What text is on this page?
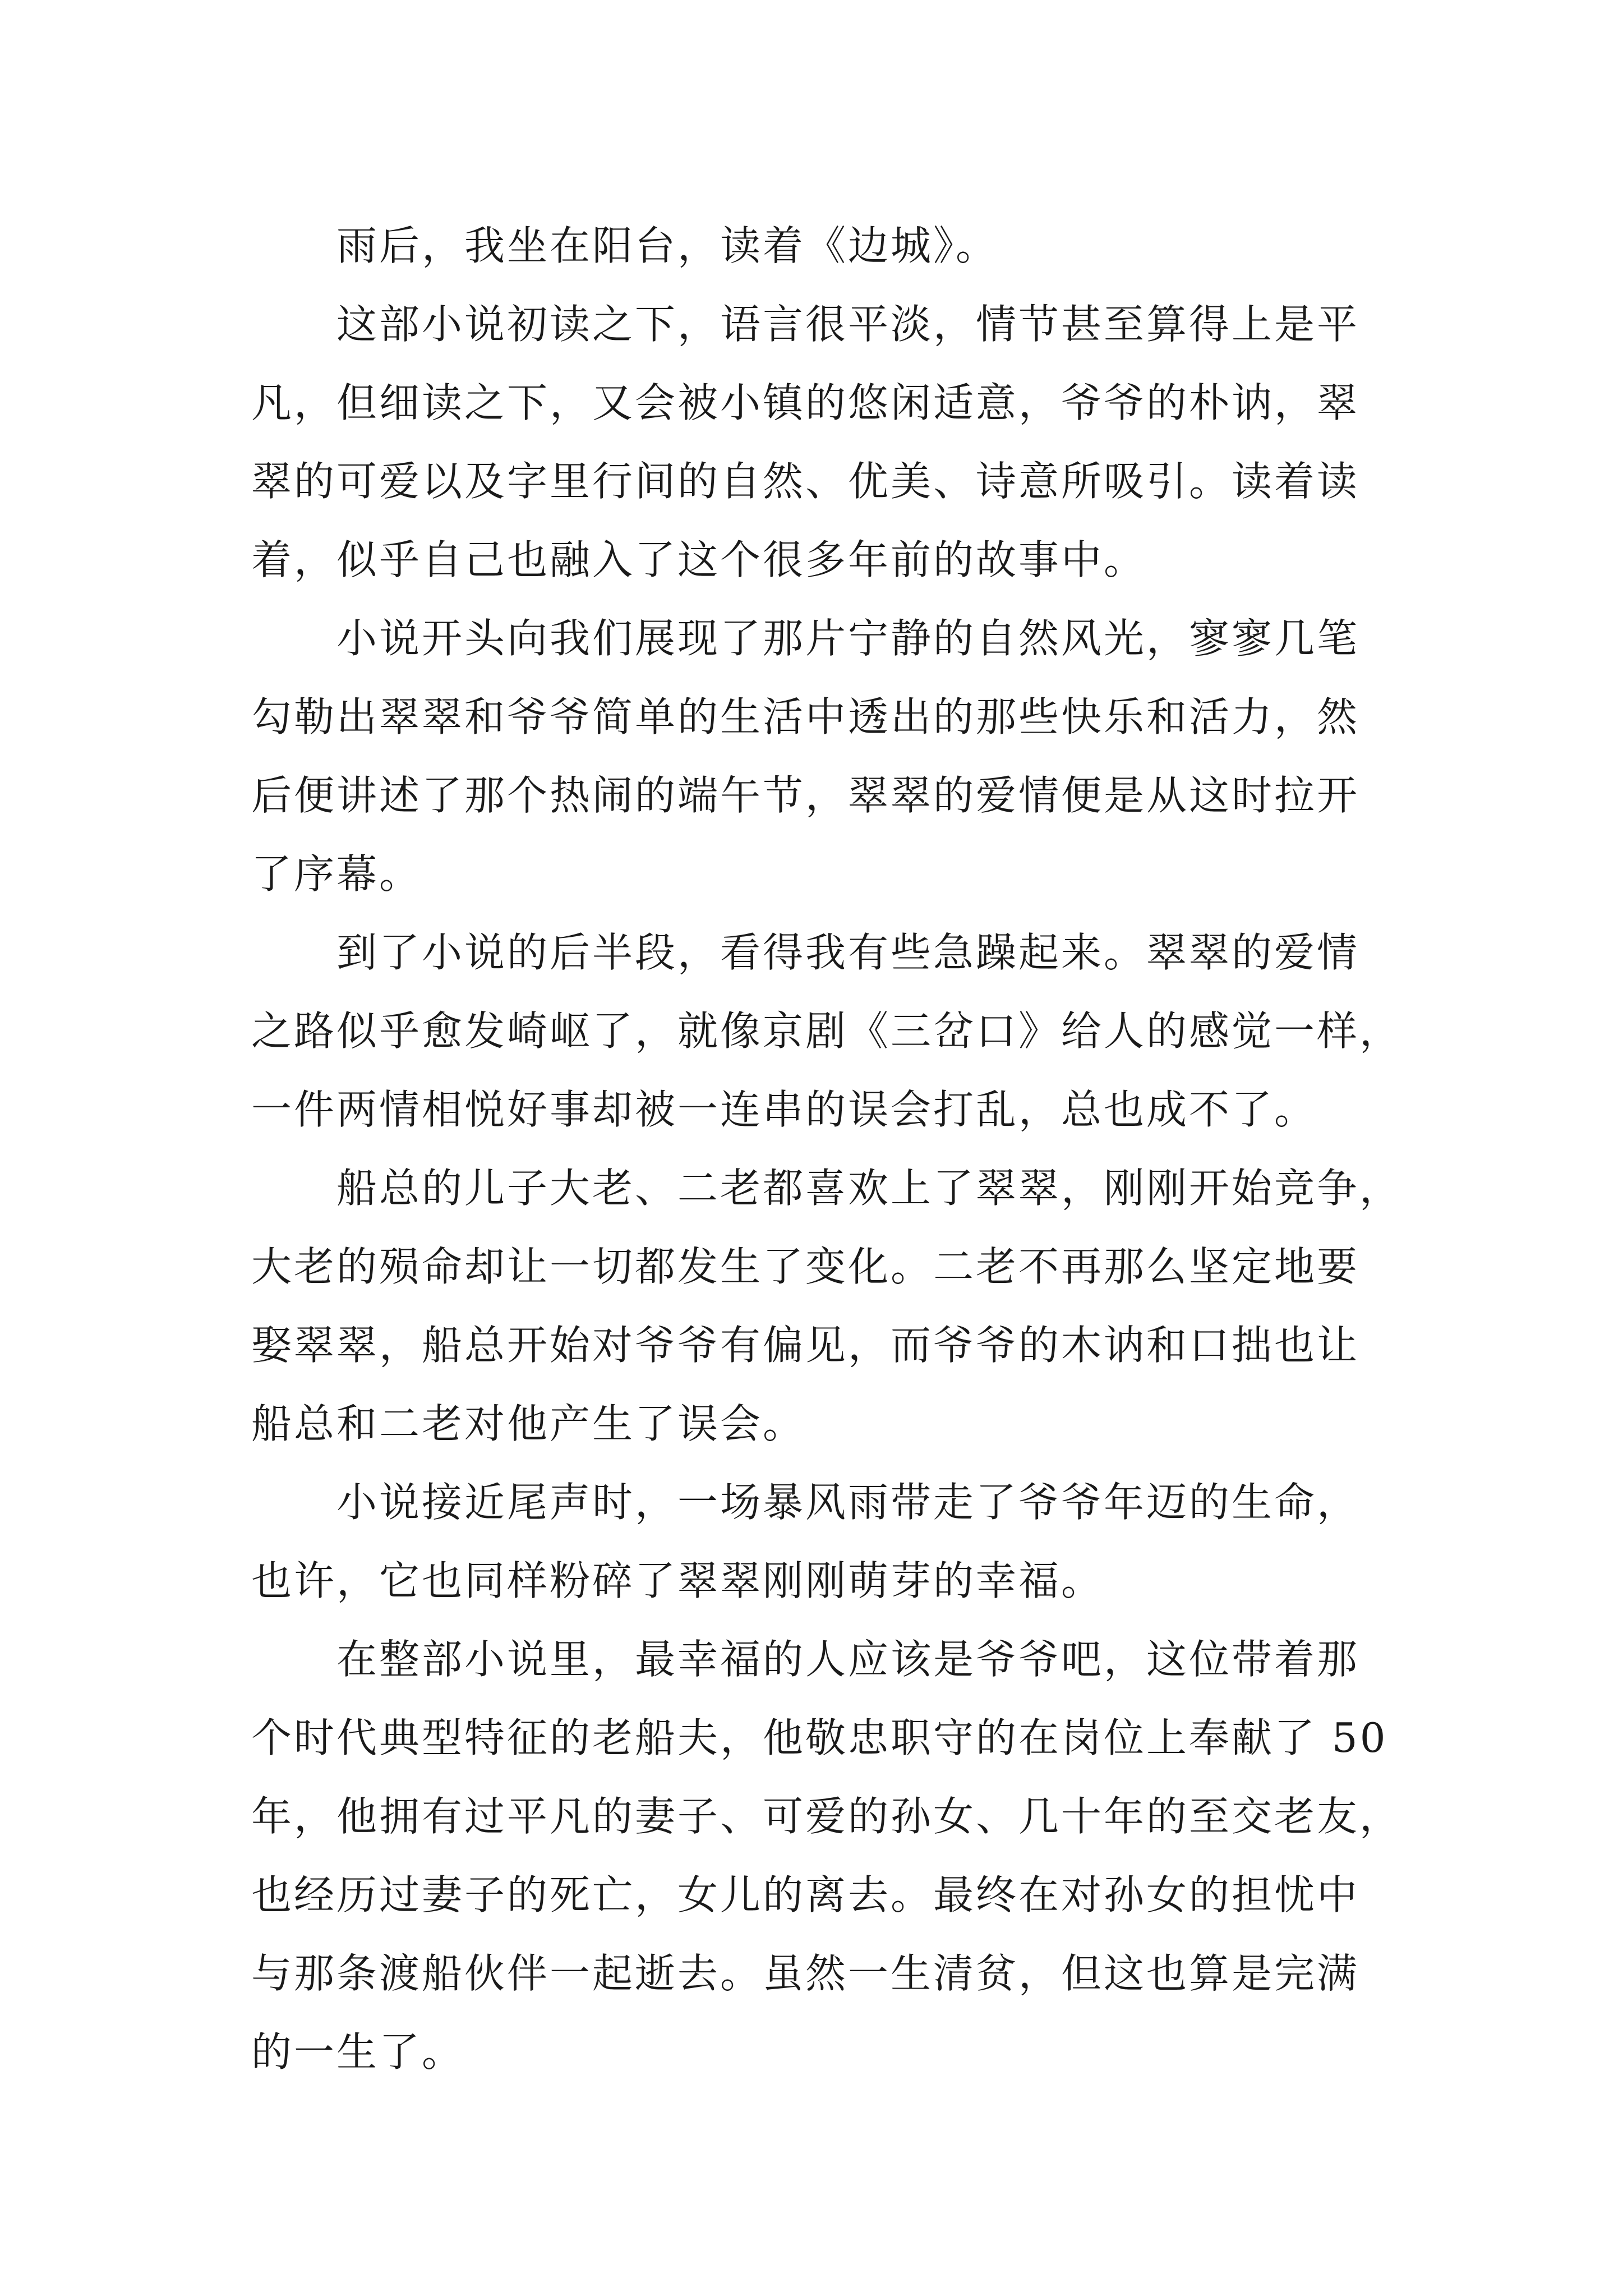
雨后，我坐在阳台，读着《边城》。
这部小说初读之下，语言很平淡，情节甚至算得上是平
凡，但细读之下，又会被小镇的悠闲适意，爷爷的朴讷，翠
翠的可爱以及字里行间的自然、优美、诗意所吸引。读着读
着，似乎自己也融入了这个很多年前的故事中。
小说开头向我们展现了那片宁静的自然风光，寥寥几笔
勾勒出翠翠和爷爷简单的生活中透出的那些快乐和活力，然
后便讲述了那个热闹的端午节，翠翠的爱情便是从这时拉开
了序幕。
到了小说的后半段，看得我有些急躁起来。翠翠的爱情
之路似乎愈发崎岖了，就像京剧《三岔口》给人的感觉一样，
一件两情相悦好事却被一连串的误会打乱，总也成不了。
船总的儿子大老、二老都喜欢上了翠翠，刚刚开始竞争，
大老的殒命却让一切都发生了变化。二老不再那么坚定地要
娶翠翠，船总开始对爷爷有偏见，而爷爷的木讷和口拙也让
船总和二老对他产生了误会。
小说接近尾声时，一场暴风雨带走了爷爷年迈的生命，
也许，它也同样粉碎了翠翠刚刚萌芽的幸福。
在整部小说里，最幸福的人应该是爷爷吧，这位带着那
个时代典型特征的老船夫，他敬忠职守的在岗位上奉献了 50
年，他拥有过平凡的妻子、可爱的孙女、几十年的至交老友，
也经历过妻子的死亡，女儿的离去。最终在对孙女的担忧中
与那条渡船伙伴一起逝去。虽然一生清贫，但这也算是完满
的一生了。
